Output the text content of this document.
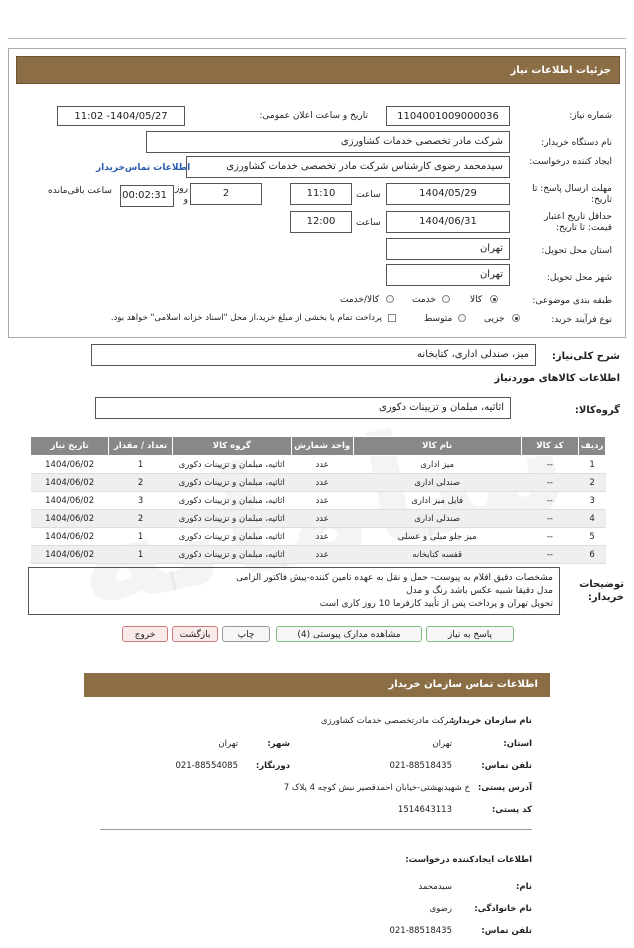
جزئیات اطلاعات نیاز
شماره نیاز:
1104001009000036
تاریخ و ساعت اعلان عمومی:
1404/05/27- 11:02
نام دستگاه خریدار:
شرکت مادر تخصصی خدمات کشاورزی
ایجاد کننده درخواست:
سیدمحمد رضوی کارشناس شرکت مادر تخصصی خدمات کشاورزی
اطلاعات تماس‌خریدار
مهلت ارسال پاسخ: تا تاریخ:
1404/05/29
ساعت
11:10
2
روز و
00:02:31
ساعت باقی‌مانده
حداقل تاریخ اعتبار قیمت: تا تاریخ:
1404/06/31
ساعت
12:00
استان محل تحویل:
تهران
شهر محل تحویل:
تهران
طبقه بندی موضوعی:
کالا
خدمت
کالا/خدمت
نوع فرآیند خرید:
جزیی
متوسط
پرداخت تمام یا بخشی از مبلغ خرید،از محل "اسناد خزانه اسلامی" خواهد بود.
شرح کلی‌نیاز:
میز، صندلی اداری، کتابخانه
اطلاعات کالاهای موردنیاز
گروه‌کالا:
اثاثیه، مبلمان و تزیینات دکوری
ردیف	کد کالا	نام کالا	واحد شمارش	گروه کالا	تعداد / مقدار	تاریخ نیاز
1	--	میز اداری	عدد	اثاثیه، مبلمان و تزیینات دکوری	1	1404/06/02
2	--	صندلی اداری	عدد	اثاثیه، مبلمان و تزیینات دکوری	2	1404/06/02
3	--	فایل میز اداری	عدد	اثاثیه، مبلمان و تزیینات دکوری	3	1404/06/02
4	--	صندلی اداری	عدد	اثاثیه، مبلمان و تزیینات دکوری	2	1404/06/02
5	--	میز جلو مبلی و عسلی	عدد	اثاثیه، مبلمان و تزیینات دکوری	1	1404/06/02
6	--	قفسه کتابخانه	عدد	اثاثیه، مبلمان و تزیینات دکوری	1	1404/06/02
توضیحات خریدار:
مشخصات دقیق اقلام به پیوست- حمل و نقل به عهده تامین کننده-پیش فاکتور الزامی
مدل دقیقا شبیه عکس باشد رنگ و مدل
تحویل تهران و پرداخت پس از تأیید کارفرما 10 روز کاری است
پاسخ به نیاز
مشاهده مدارک پیوستی (4)
چاپ
بازگشت
خروج
اطلاعات تماس سازمان خریدار
نام سازمان خریدار:
شرکت مادرتخصصی خدمات کشاورزی
استان:
تهران
شهر:
تهران
تلفن تماس:
021-88518435
دورنگار:
021-88554085
آدرس پستی:
خ شهیدبهشتی-خیابان احمدقصیر نبش کوچه 4 پلاک 7
کد پستی:
1514643113
اطلاعات ایجادکننده درخواست:
نام:
سیدمحمد
نام خانوادگی:
رضوی
تلفن تماس:
021-88518435
